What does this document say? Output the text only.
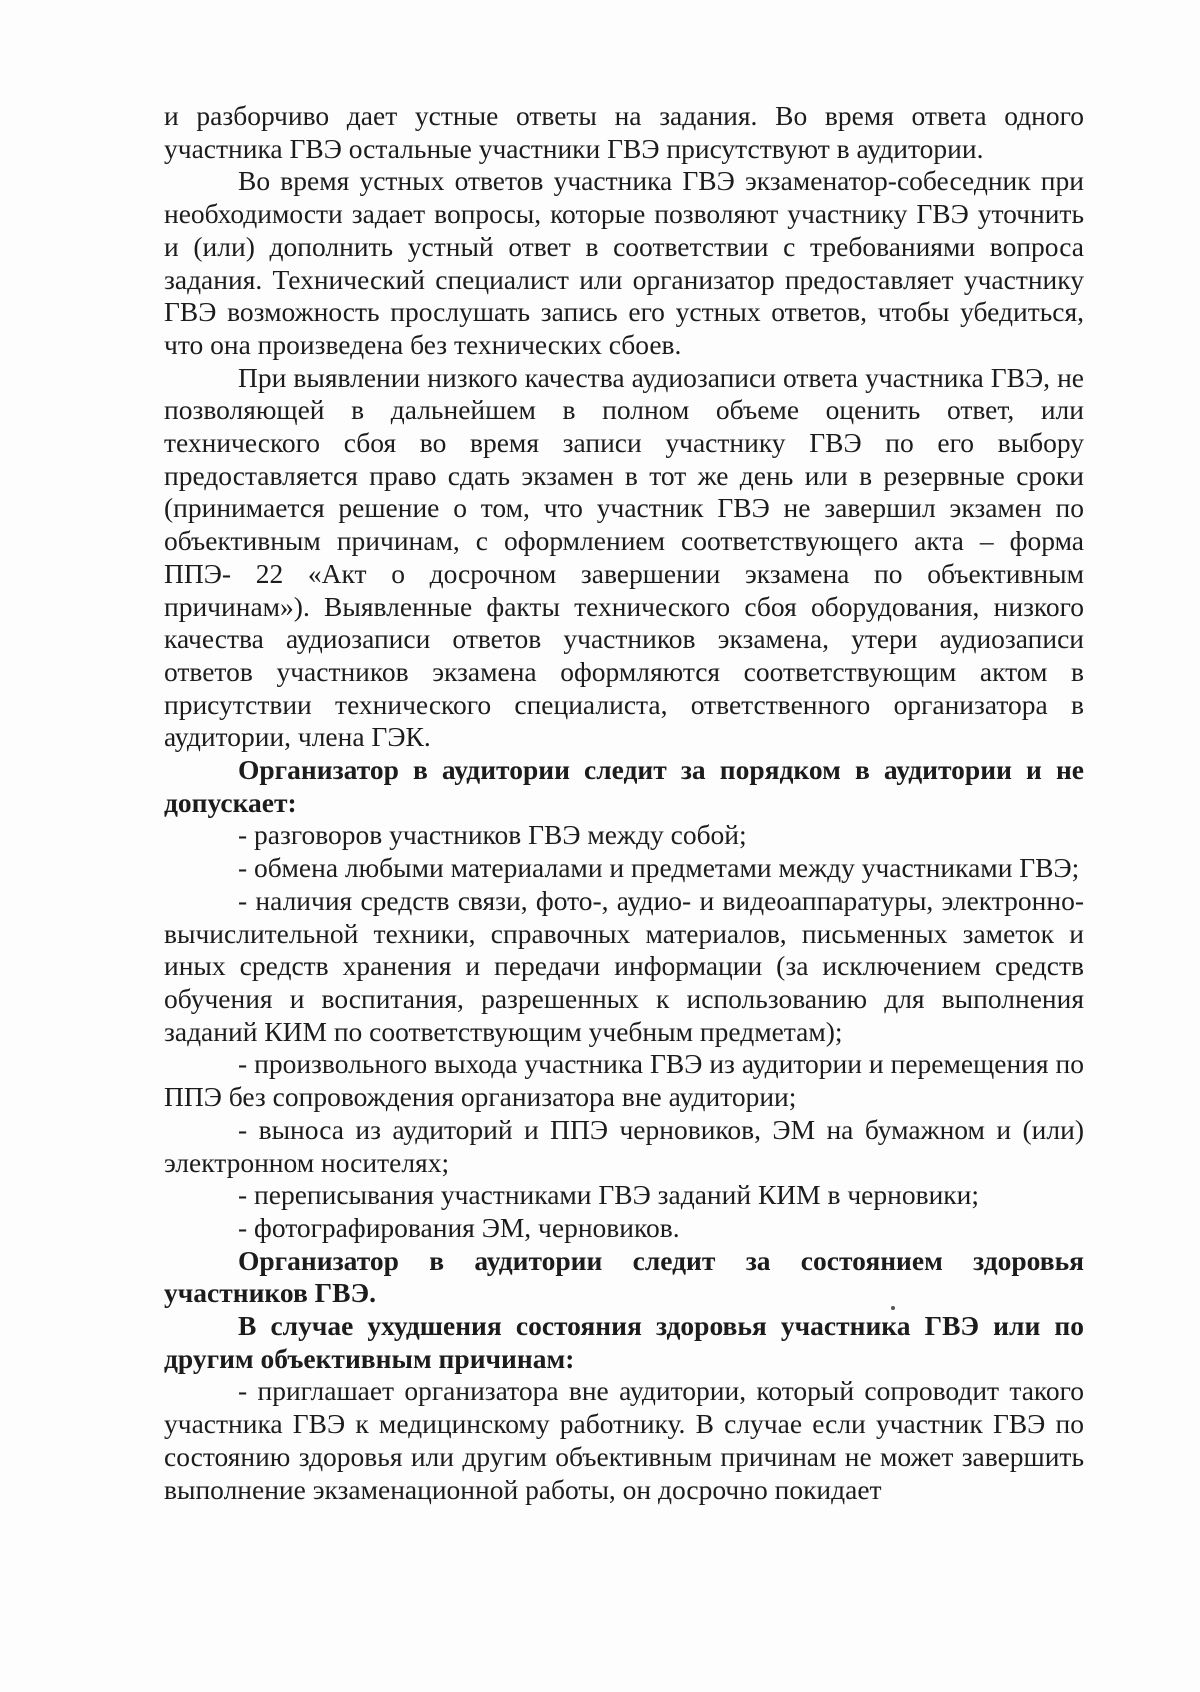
и разборчиво дает устные ответы на задания. Во время ответа одного участника ГВЭ остальные участники ГВЭ присутствуют в аудитории.

Во время устных ответов участника ГВЭ экзаменатор-собеседник при необходимости задает вопросы, которые позволяют участнику ГВЭ уточнить и (или) дополнить устный ответ в соответствии с требованиями вопроса задания. Технический специалист или организатор предоставляет участнику ГВЭ возможность прослушать запись его устных ответов, чтобы убедиться, что она произведена без технических сбоев.

При выявлении низкого качества аудиозаписи ответа участника ГВЭ, не позволяющей в дальнейшем в полном объеме оценить ответ, или технического сбоя во время записи участнику ГВЭ по его выбору предоставляется право сдать экзамен в тот же день или в резервные сроки (принимается решение о том, что участник ГВЭ не завершил экзамен по объективным причинам, с оформлением соответствующего акта – форма ППЭ- 22 «Акт о досрочном завершении экзамена по объективным причинам»). Выявленные факты технического сбоя оборудования, низкого качества аудиозаписи ответов участников экзамена, утери аудиозаписи ответов участников экзамена оформляются соответствующим актом в присутствии технического специалиста, ответственного организатора в аудитории, члена ГЭК.

Организатор в аудитории следит за порядком в аудитории и не допускает:

- разговоров участников ГВЭ между собой;

- обмена любыми материалами и предметами между участниками ГВЭ;

- наличия средств связи, фото-, аудио- и видеоаппаратуры, электронно- вычислительной техники, справочных материалов, письменных заметок и иных средств хранения и передачи информации (за исключением средств обучения и воспитания, разрешенных к использованию для выполнения заданий КИМ по соответствующим учебным предметам);

- произвольного выхода участника ГВЭ из аудитории и перемещения по ППЭ без сопровождения организатора вне аудитории;

- выноса из аудиторий и ППЭ черновиков, ЭМ на бумажном и (или) электронном носителях;

- переписывания участниками ГВЭ заданий КИМ в черновики;

- фотографирования ЭМ, черновиков.

Организатор в аудитории следит за состоянием здоровья участников ГВЭ.

В случае ухудшения состояния здоровья участника ГВЭ или по другим объективным причинам:

- приглашает организатора вне аудитории, который сопроводит такого участника ГВЭ к медицинскому работнику. В случае если участник ГВЭ по состоянию здоровья или другим объективным причинам не может завершить выполнение экзаменационной работы, он досрочно покидает
